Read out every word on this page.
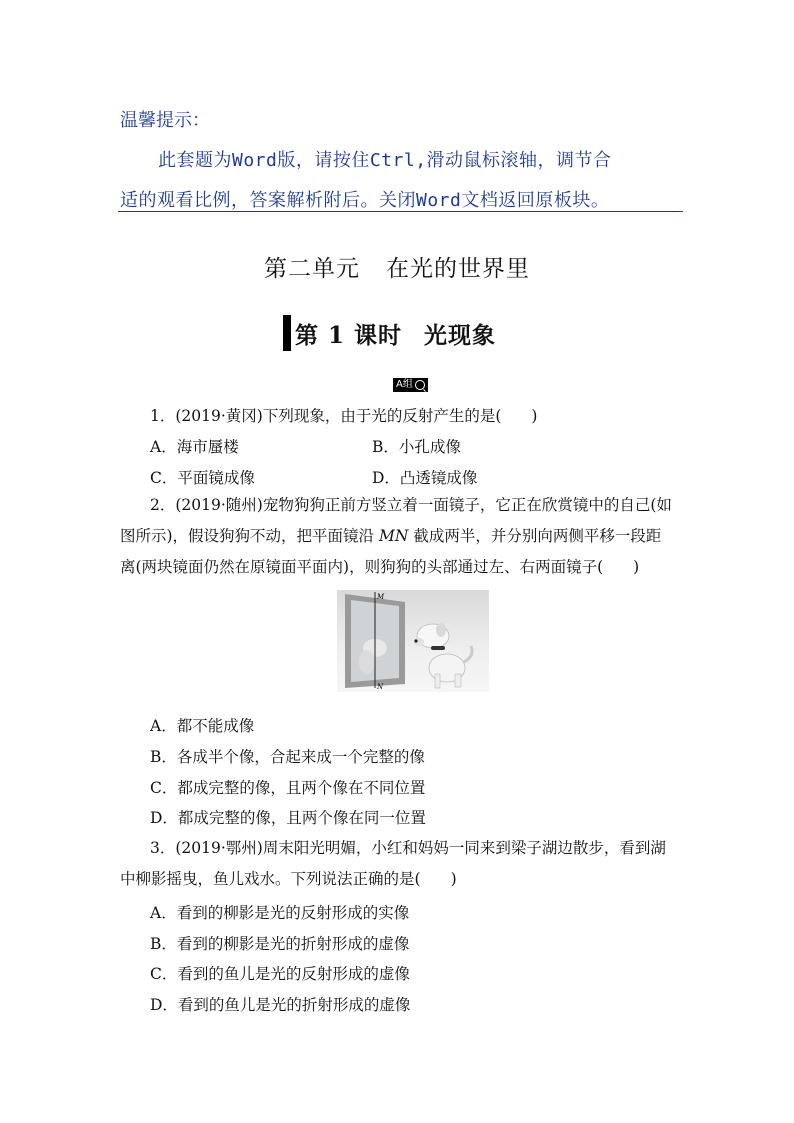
温馨提示：
此套题为Word版，请按住Ctrl,滑动鼠标滚轴，调节合
适的观看比例，答案解析附后。关闭Word文档返回原板块。
第二单元 在光的世界里
第 1 课时 光现象
A组
1．(2019·黄冈)下列现象，由于光的反射产生的是( )
A．海市蜃楼	B．小孔成像
C．平面镜成像	D．凸透镜成像
2．(2019·随州)宠物狗狗正前方竖立着一面镜子，它正在欣赏镜中的自己(如图所示)，假设狗狗不动，把平面镜沿 MN 截成两半，并分别向两侧平移一段距离(两块镜面仍然在原镜面平面内)，则狗狗的头部通过左、右两面镜子( )
M
N
A．都不能成像
B．各成半个像，合起来成一个完整的像
C．都成完整的像，且两个像在不同位置
D．都成完整的像，且两个像在同一位置
3．(2019·鄂州)周末阳光明媚，小红和妈妈一同来到梁子湖边散步，看到湖中柳影摇曳，鱼儿戏水。下列说法正确的是( )
A．看到的柳影是光的反射形成的实像
B．看到的柳影是光的折射形成的虚像
C．看到的鱼儿是光的反射形成的虚像
D．看到的鱼儿是光的折射形成的虚像
